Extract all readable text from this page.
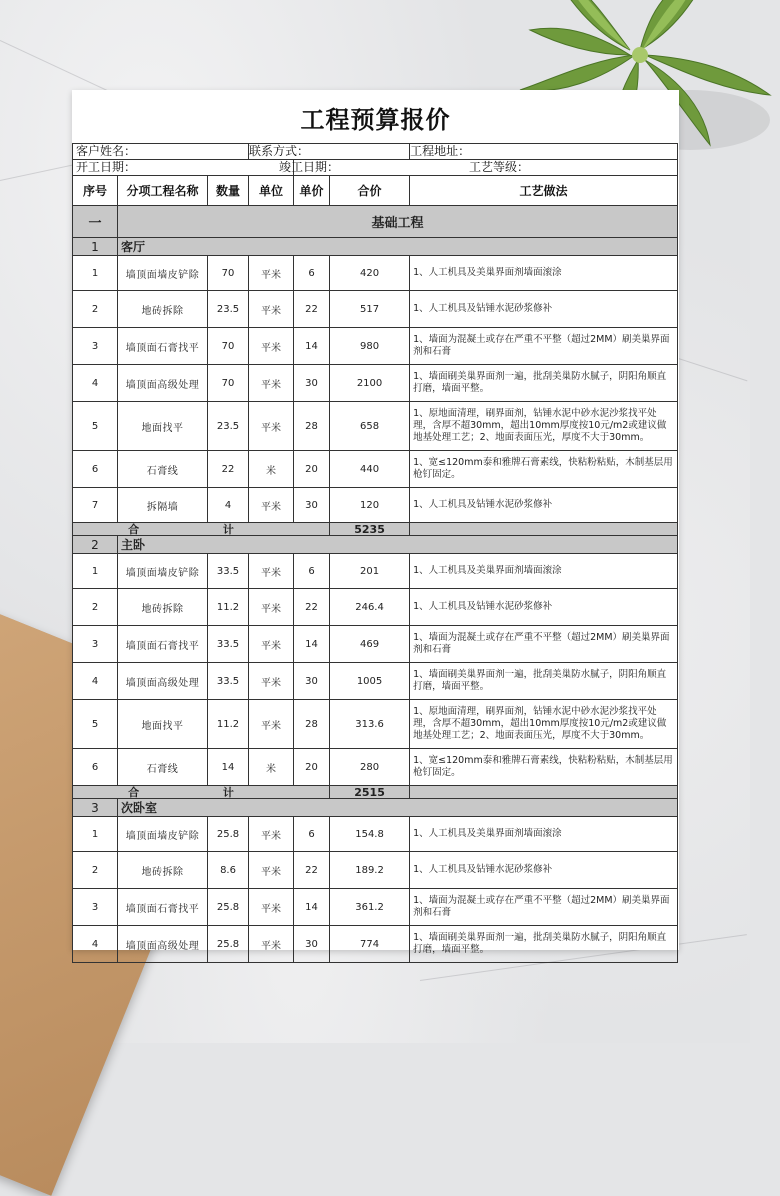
工程预算报价
客户姓名：			联系方式：			工程地址：
开工日期：				竣工日期： 工艺等级：		
序号	分项工程名称	数量	单位	单价	合价	工艺做法
一	基础工程					
1	客厅					
1	墙顶面墙皮铲除	70	平米	6	420	1、人工机具及美巢界面剂墙面滚涂
2	地砖拆除	23.5	平米	22	517	1、人工机具及钻锤水泥砂浆修补
3	墙顶面石膏找平	70	平米	14	980	1、墙面为混凝土或存在严重不平整（超过2MM）刷美巢界面剂和石膏
4	墙顶面高级处理	70	平米	30	2100	1、墙面刷美巢界面剂一遍，批刮美巢防水腻子，阴阳角顺直打磨，墙面平整。
5	地面找平	23.5	平米	28	658	1、原地面清理，刷界面剂，钻锤水泥中砂水泥沙浆找平处理，含厚不超30mm，超出10mm厚度按10元/m2或建议做地基处理工艺；2、地面表面压光，厚度不大于30mm。
6	石膏线	22	米	20	440	1、宽≤120mm泰和雅牌石膏素线，快粘粉粘贴，木制基层用枪钉固定。
7	拆隔墙	4	平米	30	120	1、人工机具及钻锤水泥砂浆修补
合 计					5235	
2	主卧					
1	墙顶面墙皮铲除	33.5	平米	6	201	1、人工机具及美巢界面剂墙面滚涂
2	地砖拆除	11.2	平米	22	246.4	1、人工机具及钻锤水泥砂浆修补
3	墙顶面石膏找平	33.5	平米	14	469	1、墙面为混凝土或存在严重不平整（超过2MM）刷美巢界面剂和石膏
4	墙顶面高级处理	33.5	平米	30	1005	1、墙面刷美巢界面剂一遍，批刮美巢防水腻子，阴阳角顺直打磨，墙面平整。
5	地面找平	11.2	平米	28	313.6	1、原地面清理，刷界面剂，钻锤水泥中砂水泥沙浆找平处理，含厚不超30mm，超出10mm厚度按10元/m2或建议做地基处理工艺；2、地面表面压光，厚度不大于30mm。
6	石膏线	14	米	20	280	1、宽≤120mm泰和雅牌石膏素线，快粘粉粘贴，木制基层用枪钉固定。
合 计					2515	
3	次卧室					
1	墙顶面墙皮铲除	25.8	平米	6	154.8	1、人工机具及美巢界面剂墙面滚涂
2	地砖拆除	8.6	平米	22	189.2	1、人工机具及钻锤水泥砂浆修补
3	墙顶面石膏找平	25.8	平米	14	361.2	1、墙面为混凝土或存在严重不平整（超过2MM）刷美巢界面剂和石膏
4	墙顶面高级处理	25.8	平米	30	774	1、墙面刷美巢界面剂一遍，批刮美巢防水腻子，阴阳角顺直打磨，墙面平整。
